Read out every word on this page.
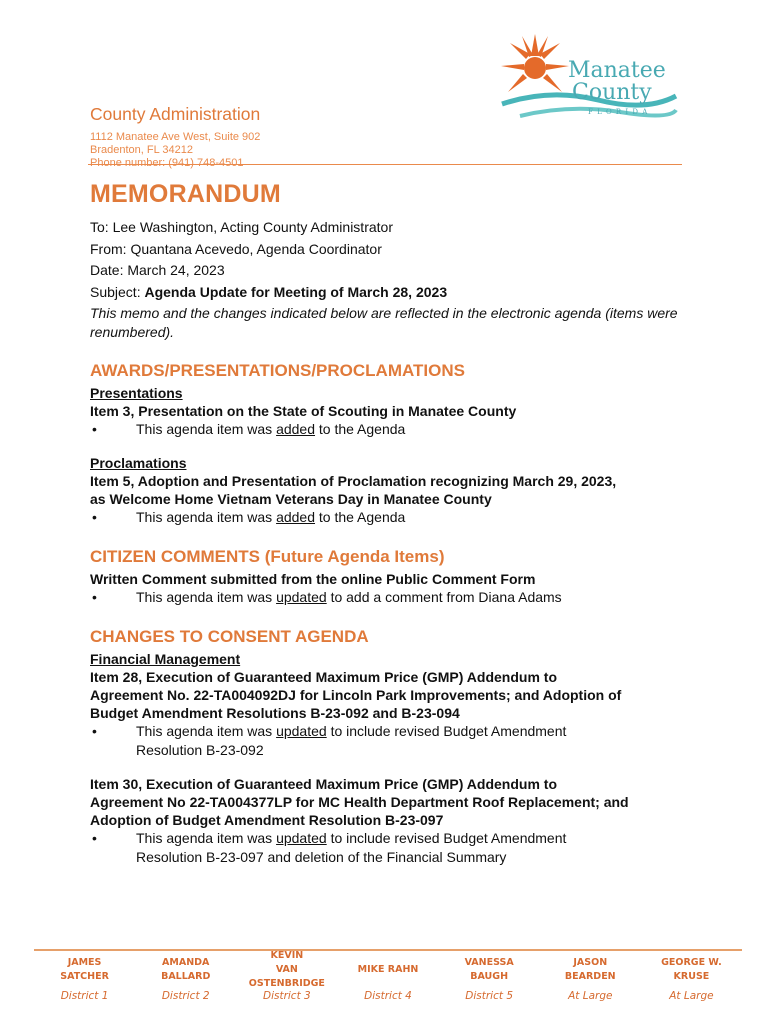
Manatee
County
F L O R I D A
County Administration
1112 Manatee Ave West, Suite 902
Bradenton, FL 34212
Phone number: (941) 748-4501
MEMORANDUM
To: Lee Washington, Acting County Administrator
From: Quantana Acevedo, Agenda Coordinator
Date: March 24, 2023
Subject: Agenda Update for Meeting of March 28, 2023
This memo and the changes indicated below are reflected in the electronic agenda (items were renumbered).
AWARDS/PRESENTATIONS/PROCLAMATIONS
Presentations
Item 3, Presentation on the State of Scouting in Manatee County
•	This agenda item was added to the Agenda
Proclamations
Item 5, Adoption and Presentation of Proclamation recognizing March 29, 2023,
as Welcome Home Vietnam Veterans Day in Manatee County
•	This agenda item was added to the Agenda
CITIZEN COMMENTS (Future Agenda Items)
Written Comment submitted from the online Public Comment Form
•	This agenda item was updated to add a comment from Diana Adams
CHANGES TO CONSENT AGENDA
Financial Management
Item 28, Execution of Guaranteed Maximum Price (GMP) Addendum to
Agreement No. 22-TA004092DJ for Lincoln Park Improvements; and Adoption of
Budget Amendment Resolutions B-23-092 and B-23-094
•	This agenda item was updated to include revised Budget Amendment
Resolution B-23-092
Item 30, Execution of Guaranteed Maximum Price (GMP) Addendum to
Agreement No 22-TA004377LP for MC Health Department Roof Replacement; and
Adoption of Budget Amendment Resolution B-23-097
•	This agenda item was updated to include revised Budget Amendment
Resolution B-23-097 and deletion of the Financial Summary
JAMES
SATCHER
District 1
AMANDA
BALLARD
District 2
KEVIN
VAN OSTENBRIDGE
District 3
MIKE RAHN
District 4
VANESSA
BAUGH
District 5
JASON
BEARDEN
At Large
GEORGE W.
KRUSE
At Large
